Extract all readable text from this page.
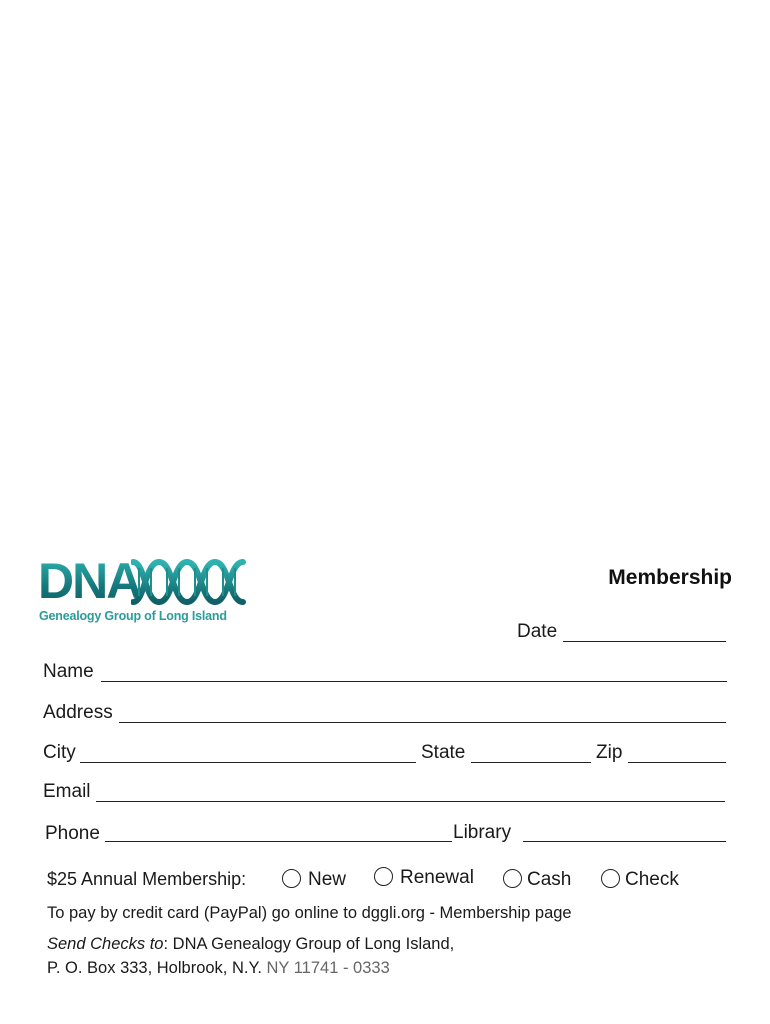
DNA
Genealogy Group of Long Island
Membership
Date
Name
Address
City	State	Zip
Email
Phone	Library
$25 Annual Membership:	New	Renewal	Cash	Check
To pay by credit card (PayPal) go online to dggli.org - Membership page
Send Checks to: DNA Genealogy Group of Long Island,
P. O. Box 333, Holbrook, N.Y. NY 11741 - 0333
